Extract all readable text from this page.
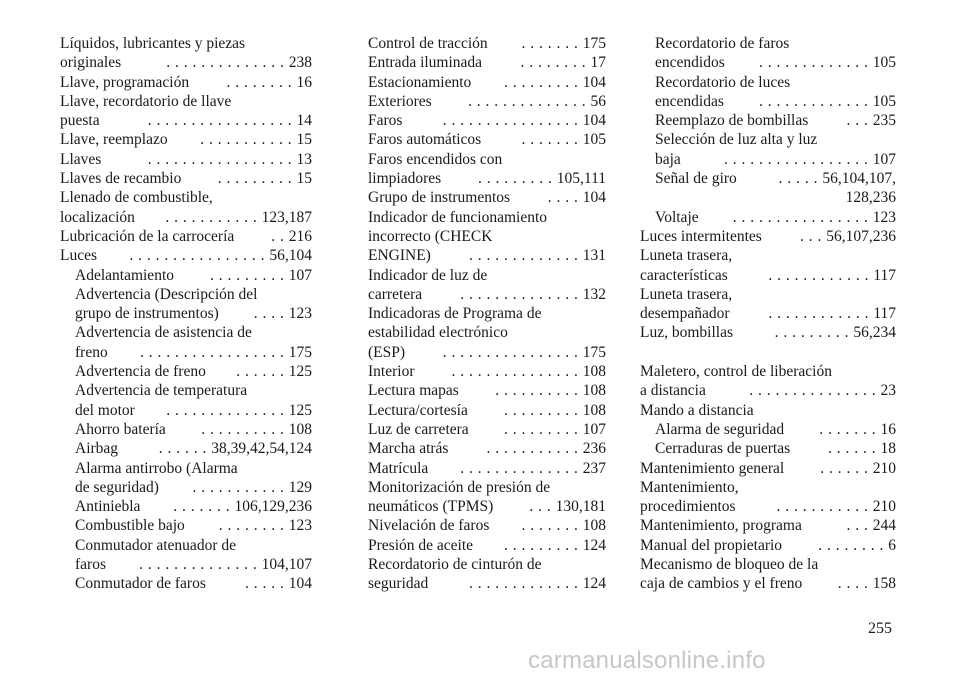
Líquidos, lubricantes y piezas
originales	. . . . . . . . . . . . . . 238
Llave, programación	. . . . . . . . 16
Llave, recordatorio de llave
puesta	. . . . . . . . . . . . . . . . . 14
Llave, reemplazo	. . . . . . . . . . . 15
Llaves	. . . . . . . . . . . . . . . . . 13
Llaves de recambio	. . . . . . . . . 15
Llenado de combustible,
localización	. . . . . . . . . . . 123,187
Lubricación de la carrocería	. . 216
Luces	. . . . . . . . . . . . . . . . 56,104
Adelantamiento	. . . . . . . . . 107
Advertencia (Descripción del
grupo de instrumentos)	. . . . 123
Advertencia de asistencia de
freno	. . . . . . . . . . . . . . . . . 175
Advertencia de freno	. . . . . . 125
Advertencia de temperatura
del motor	. . . . . . . . . . . . . . 125
Ahorro batería	. . . . . . . . . . 108
Airbag	. . . . . . 38,39,42,54,124
Alarma antirrobo (Alarma
de seguridad)	. . . . . . . . . . . 129
Antiniebla	. . . . . . . 106,129,236
Combustible bajo	. . . . . . . . 123
Conmutador atenuador de
faros	. . . . . . . . . . . . . . 104,107
Conmutador de faros	. . . . . 104
Control de tracción	. . . . . . . 175
Entrada iluminada	. . . . . . . . 17
Estacionamiento	. . . . . . . . . 104
Exteriores	. . . . . . . . . . . . . . 56
Faros	. . . . . . . . . . . . . . . . 104
Faros automáticos	. . . . . . . 105
Faros encendidos con
limpiadores	. . . . . . . . . 105,111
Grupo de instrumentos	. . . . 104
Indicador de funcionamiento
incorrecto (CHECK
ENGINE)	. . . . . . . . . . . . . 131
Indicador de luz de
carretera	. . . . . . . . . . . . . . 132
Indicadoras de Programa de
estabilidad electrónico
(ESP)	. . . . . . . . . . . . . . . . 175
Interior	. . . . . . . . . . . . . . . 108
Lectura mapas	. . . . . . . . . . 108
Lectura/cortesía	. . . . . . . . . 108
Luz de carretera	. . . . . . . . . 107
Marcha atrás	. . . . . . . . . . . 236
Matrícula	. . . . . . . . . . . . . . 237
Monitorización de presión de
neumáticos (TPMS)	. . . 130,181
Nivelación de faros	. . . . . . . 108
Presión de aceite	. . . . . . . . . 124
Recordatorio de cinturón de
seguridad	. . . . . . . . . . . . . 124
Recordatorio de faros
encendidos	. . . . . . . . . . . . . 105
Recordatorio de luces
encendidas	. . . . . . . . . . . . . 105
Reemplazo de bombillas	. . . 235
Selección de luz alta y luz
baja	. . . . . . . . . . . . . . . . . 107
Señal de giro	. . . . . 56,104,107,
128,236
Voltaje	. . . . . . . . . . . . . . . . 123
Luces intermitentes	. . . 56,107,236
Luneta trasera,
características	. . . . . . . . . . . . 117
Luneta trasera,
desempañador	. . . . . . . . . . . . 117
Luz, bombillas	. . . . . . . . . 56,234
Maletero, control de liberación
a distancia	. . . . . . . . . . . . . . . 23
Mando a distancia
Alarma de seguridad	. . . . . . . 16
Cerraduras de puertas	. . . . . . 18
Mantenimiento general	. . . . . . 210
Mantenimiento,
procedimientos	. . . . . . . . . . . 210
Mantenimiento, programa	. . . 244
Manual del propietario	. . . . . . . . 6
Mecanismo de bloqueo de la
caja de cambios y el freno	. . . . 158
255
carmanualsonline.info
